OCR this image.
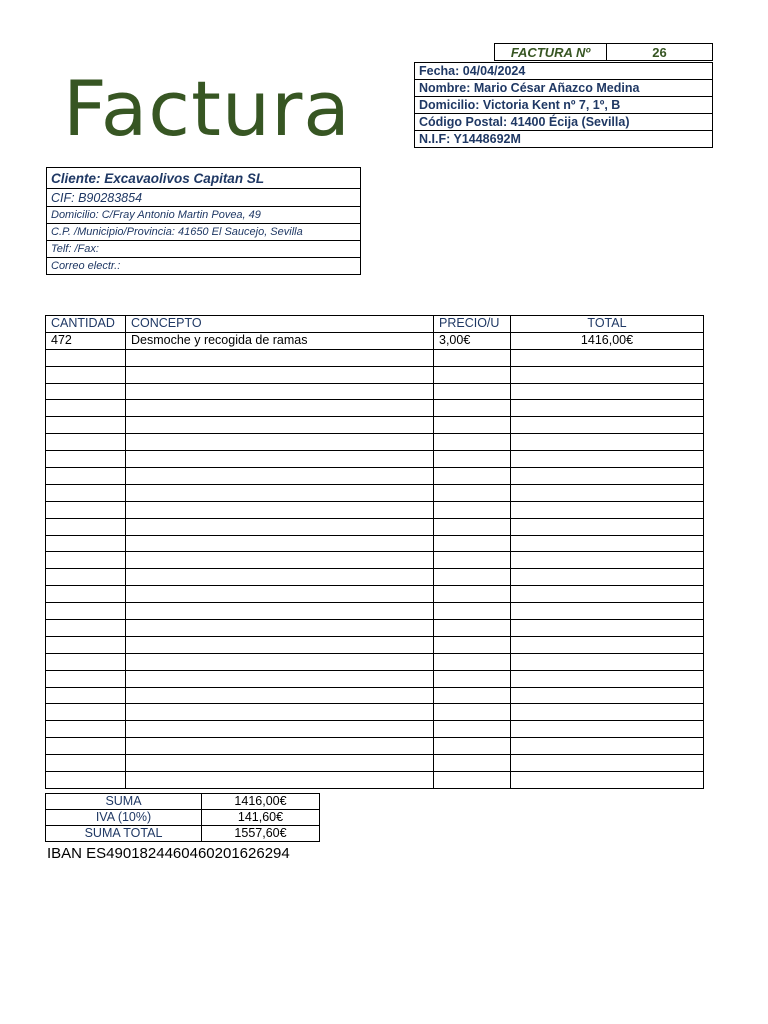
Factura
FACTURA Nº	26
Fecha: 04/04/2024
Nombre: Mario César Añazco Medina
Domicilio: Victoria Kent nº 7, 1º, B
Código Postal: 41400 Écija (Sevilla)
N.I.F: Y1448692M
Cliente: Excavaolivos Capitan SL
CIF: B90283854
Domicilio: C/Fray Antonio Martin Povea, 49
C.P. /Municipio/Provincia: 41650 El Saucejo, Sevilla
Telf: /Fax:
Correo electr.:
CANTIDAD	CONCEPTO	PRECIO/U	TOTAL
472	Desmoche y recogida de ramas	3,00€	1416,00€

SUMA	1416,00€
IVA (10%)	141,60€
SUMA TOTAL	1557,60€
IBAN ES4901824460460201626294
